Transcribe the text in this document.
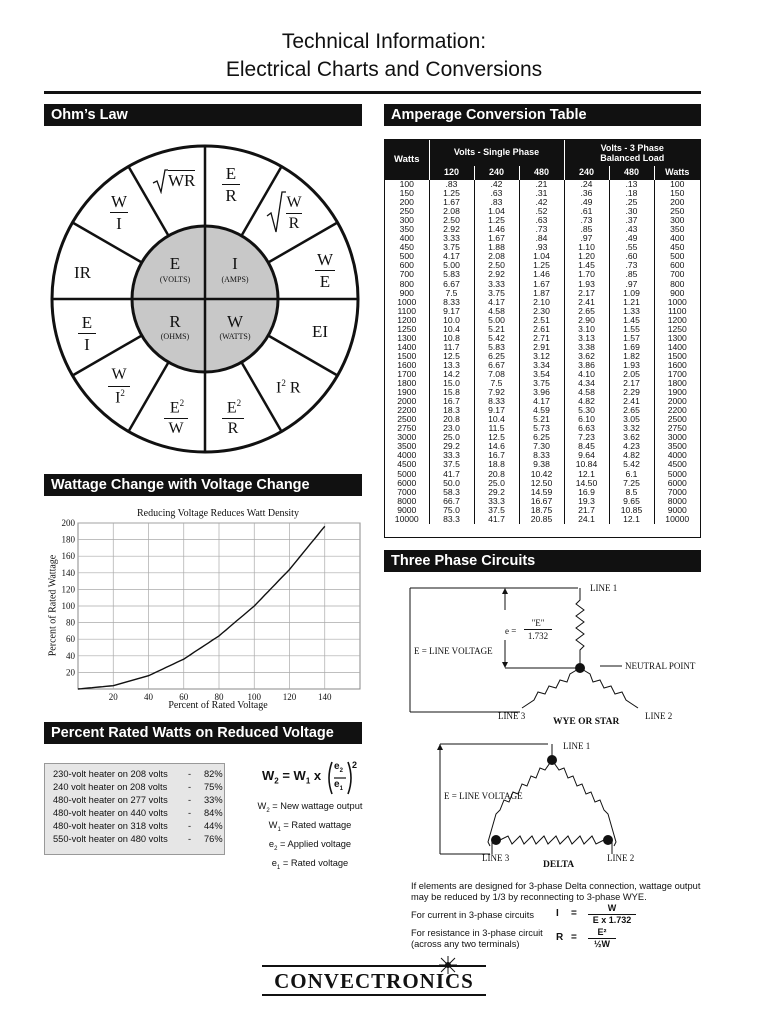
Technical Information:
Electrical Charts and Conversions
Ohm’s Law	Amperage Conversion Table
Wattage Change with Voltage Change
Percent Rated Watts on Reduced Voltage
Three Phase Circuits
E
(VOLTS)
I
(AMPS)
R
(OHMS)
W
(WATTS)
WR E
R	W
R
W
E
EI
$I^2$ R
$E^2$
R
$E^2$
W
W
$I^2$
E
I
IR
W
I
Reducing Voltage Reduces Watt Density
20
40
60
80
100
120
140
160
180
200
20	40	60	80	100 120 140
Percent of Rated Voltage
Percent of Rated Wattage
Watts	Volts - Single Phase			Volts - 3 Phase
Balanced Load		

	120	240	480	240	480	Watts
100	.83	.42	.21	.24	.13	100
150	1.25	.63	.31	.36	.18	150
200	1.67	.83	.42	.49	.25	200
250	2.08	1.04	.52	.61	.30	250
300	2.50	1.25	.63	.73	.37	300
350	2.92	1.46	.73	.85	.43	350
400	3.33	1.67	.84	.97	.49	400
450	3.75	1.88	.93	1.10	.55	450
500	4.17	2.08	1.04	1.20	.60	500
600	5.00	2.50	1.25	1.45	.73	600
700	5.83	2.92	1.46	1.70	.85	700
800	6.67	3.33	1.67	1.93	.97	800
900	7.5	3.75	1.87	2.17	1.09	900
1000	8.33	4.17	2.10	2.41	1.21	1000
1100	9.17	4.58	2.30	2.65	1.33	1100
1200	10.0	5.00	2.51	2.90	1.45	1200
1250	10.4	5.21	2.61	3.10	1.55	1250
1300	10.8	5.42	2.71	3.13	1.57	1300
1400	11.7	5.83	2.91	3.38	1.69	1400
1500	12.5	6.25	3.12	3.62	1.82	1500
1600	13.3	6.67	3.34	3.86	1.93	1600
1700	14.2	7.08	3.54	4.10	2.05	1700
1800	15.0	7.5	3.75	4.34	2.17	1800
1900	15.8	7.92	3.96	4.58	2.29	1900
2000	16.7	8.33	4.17	4.82	2.41	2000
2200	18.3	9.17	4.59	5.30	2.65	2200
2500	20.8	10.4	5.21	6.10	3.05	2500
2750	23.0	11.5	5.73	6.63	3.32	2750
3000	25.0	12.5	6.25	7.23	3.62	3000
3500	29.2	14.6	7.30	8.45	4.23	3500
4000	33.3	16.7	8.33	9.64	4.82	4000
4500	37.5	18.8	9.38	10.84	5.42	4500
5000	41.7	20.8	10.42	12.1	6.1	5000
6000	50.0	25.0	12.50	14.50	7.25	6000
7000	58.3	29.2	14.59	16.9	8.5	7000
8000	66.7	33.3	16.67	19.3	9.65	8000
9000	75.0	37.5	18.75	21.7	10.85	9000
10000	83.3	41.7	20.85	24.1	12.1	10000
230-volt heater on 208 volts	-	82%
240 volt heater on 208 volts	-	75%
480-volt heater on 277 volts	-	33%
480-volt heater on 440 volts	-	84%
480-volt heater on 318 volts	-	44%
550-volt heater on 480 volts	-	76%
$W_2 = W_1$ x
$e_2$
$e_1$
2
$W_2$ = New wattage output
$W_1$ = Rated wattage
$e_2$ = Applied voltage
$e_1$ = Rated voltage
LINE 1
NEUTRAL POINT
E = LINE VOLTAGE
e =
"E"
1.732
LINE 3	LINE 2
WYE OR STAR
LINE 1
E = LINE VOLTAGE
LINE 3	LINE 2
DELTA
If elements are designed for 3-phase Delta connection, wattage output may be reduced by 1/3 by reconnecting to 3-phase WYE.
For current in 3-phase circuits I =	W
E x 1.732
For resistance in 3-phase circuit
(across any two terminals)
R =	E²
½W
CONVECTRONICS
